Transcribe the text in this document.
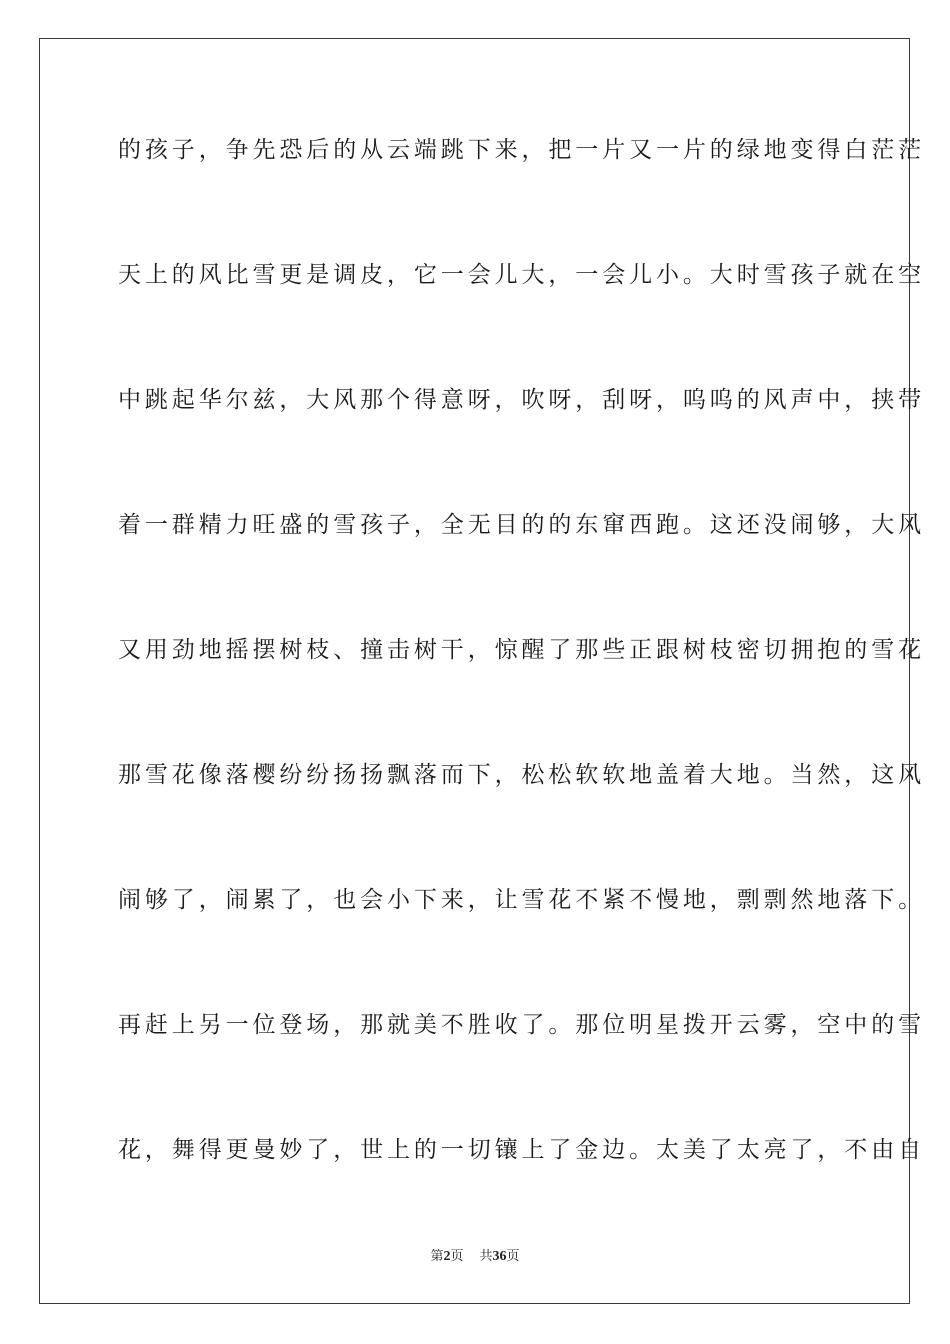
的孩子，争先恐后的从云端跳下来，把一片又一片的绿地变得白茫茫
天上的风比雪更是调皮，它一会儿大，一会儿小。大时雪孩子就在空
中跳起华尔兹，大风那个得意呀，吹呀，刮呀，呜呜的风声中，挟带
着一群精力旺盛的雪孩子，全无目的的东窜西跑。这还没闹够，大风
又用劲地摇摆树枝、撞击树干，惊醒了那些正跟树枝密切拥抱的雪花
那雪花像落樱纷纷扬扬飘落而下，松松软软地盖着大地。当然，这风
闹够了，闹累了，也会小下来，让雪花不紧不慢地，剽剽然地落下。
再赶上另一位登场，那就美不胜收了。那位明星拨开云雾，空中的雪
花，舞得更曼妙了，世上的一切镶上了金边。太美了太亮了，不由自
第2页 共36页
